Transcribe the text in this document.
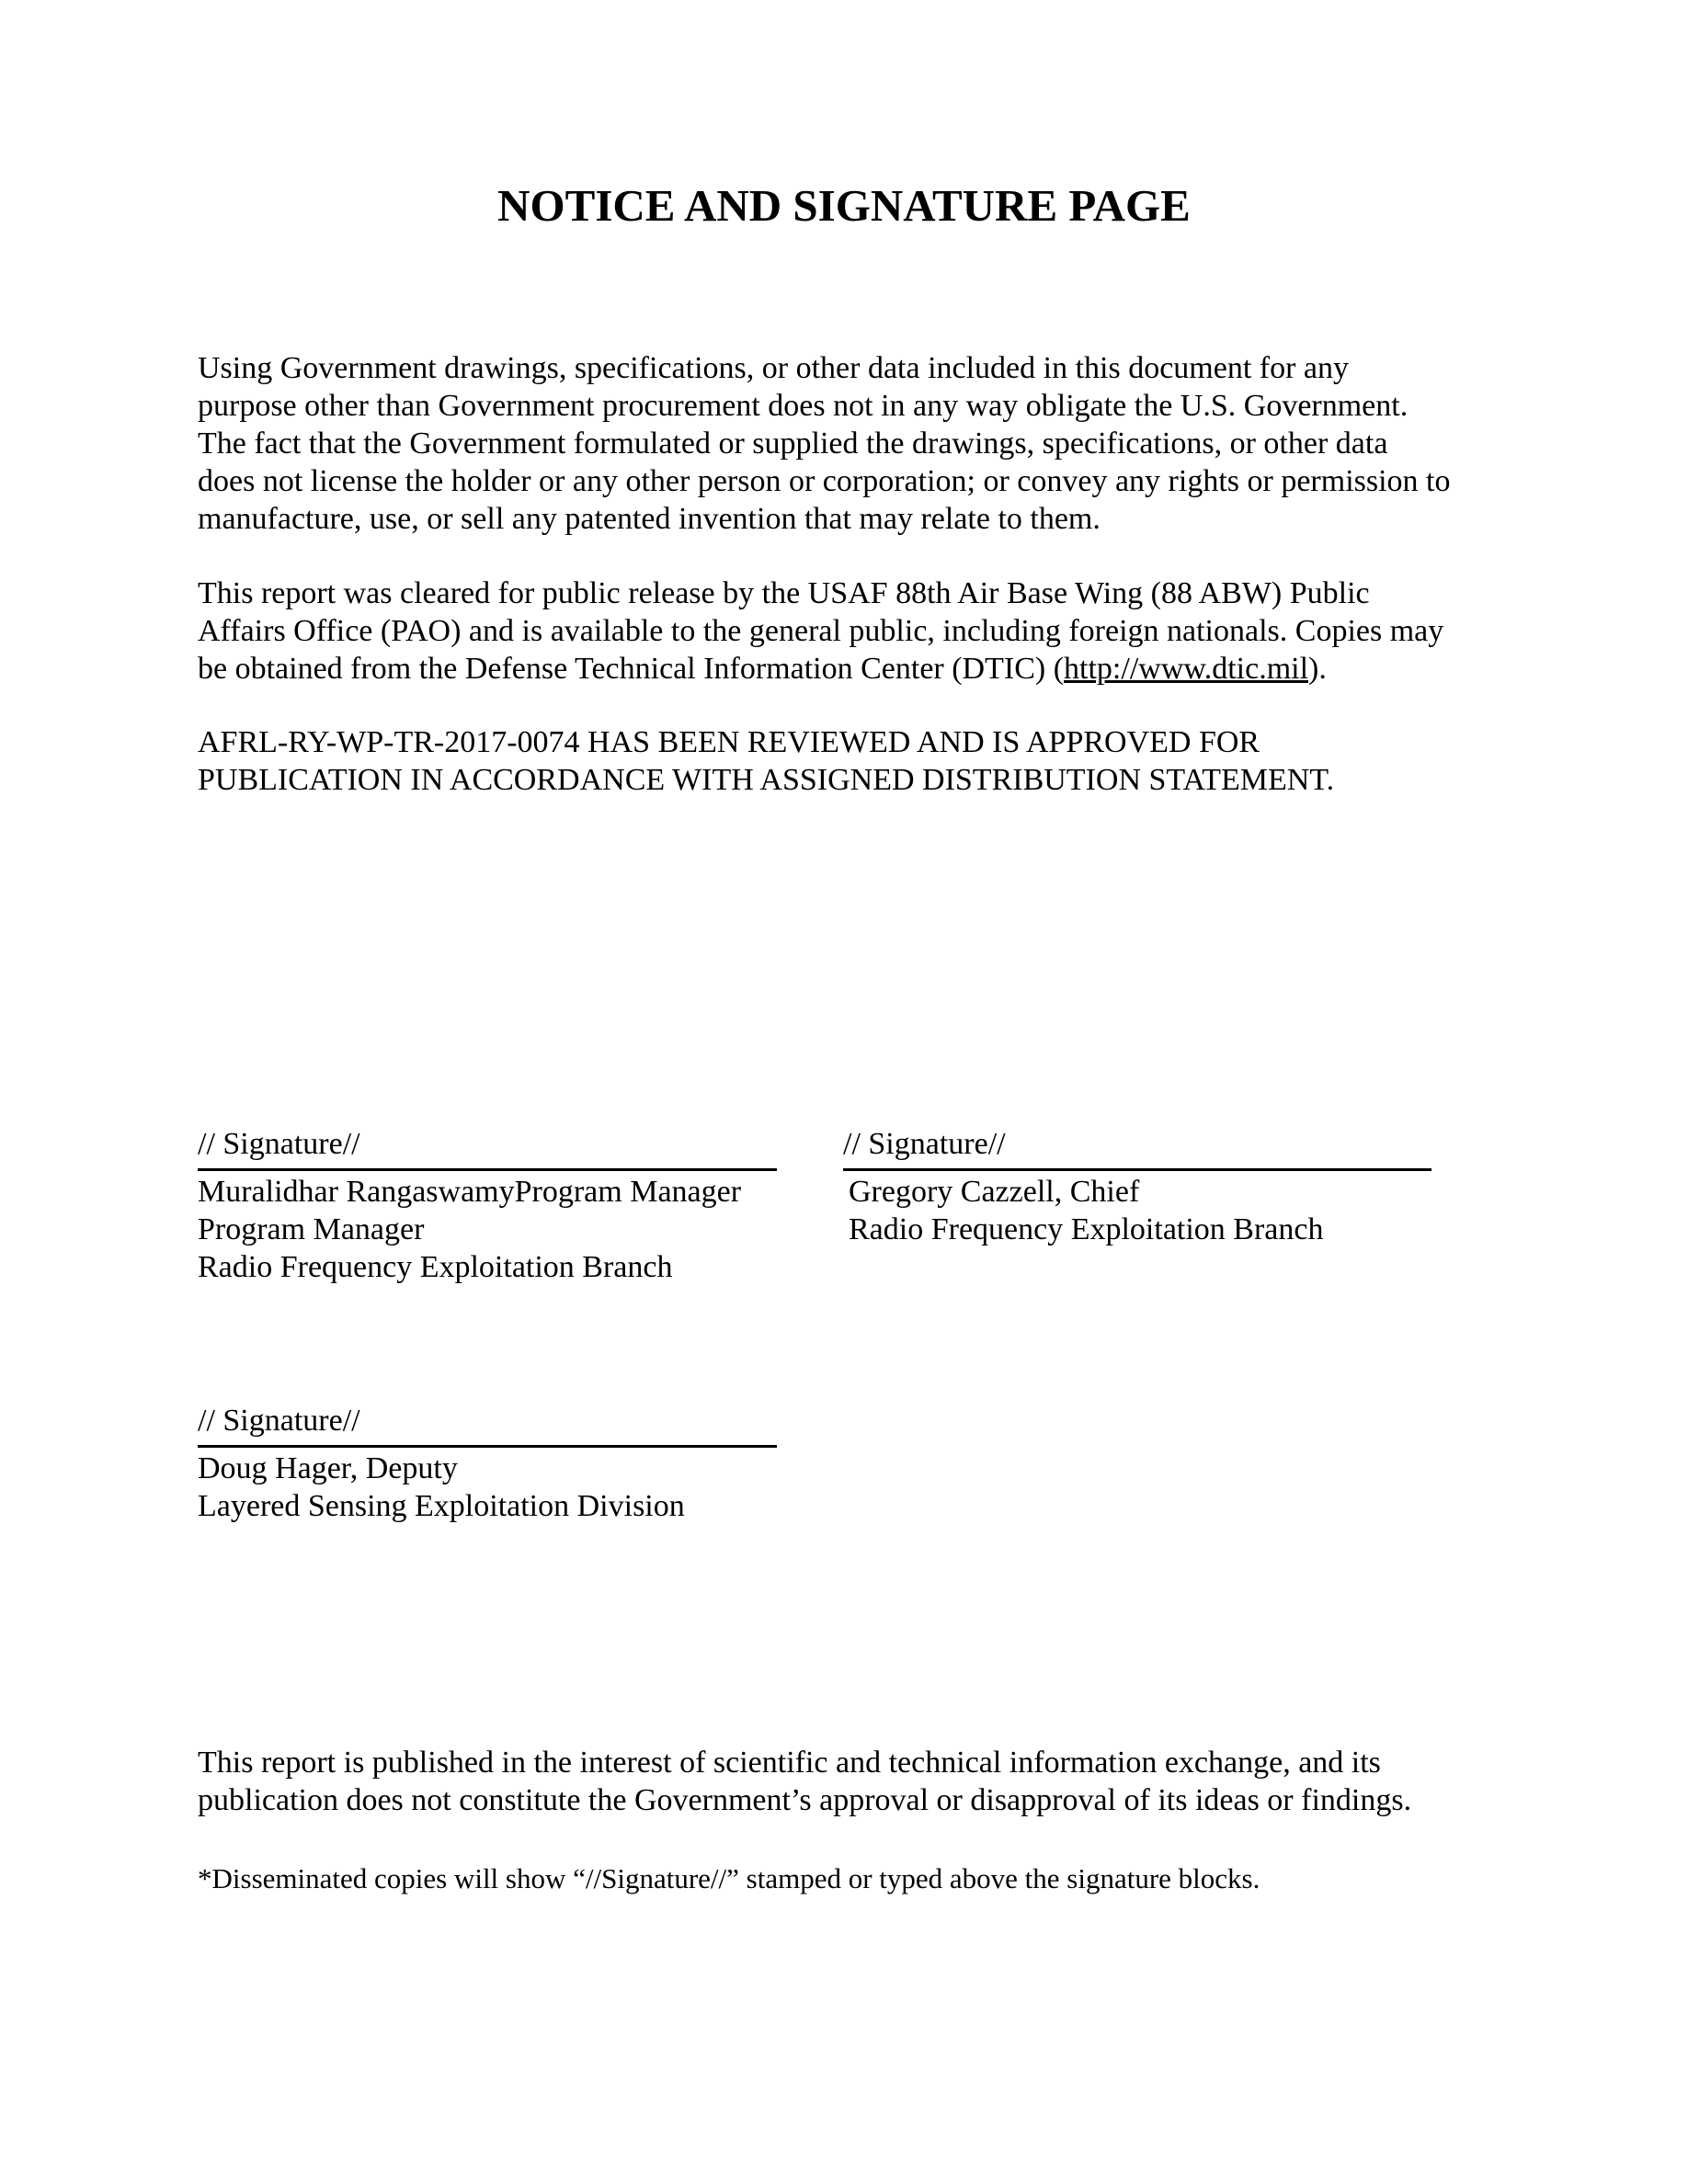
NOTICE AND SIGNATURE PAGE

Using Government drawings, specifications, or other data included in this document for any
purpose other than Government procurement does not in any way obligate the U.S. Government.
The fact that the Government formulated or supplied the drawings, specifications, or other data
does not license the holder or any other person or corporation; or convey any rights or permission to
manufacture, use, or sell any patented invention that may relate to them.

This report was cleared for public release by the USAF 88th Air Base Wing (88 ABW) Public
Affairs Office (PAO) and is available to the general public, including foreign nationals. Copies may
be obtained from the Defense Technical Information Center (DTIC) (http://www.dtic.mil).

AFRL-RY-WP-TR-2017-0074 HAS BEEN REVIEWED AND IS APPROVED FOR
PUBLICATION IN ACCORDANCE WITH ASSIGNED DISTRIBUTION STATEMENT.

// Signature//
Muralidhar RangaswamyProgram Manager
Program Manager
Radio Frequency Exploitation Branch
// Signature//
Gregory Cazzell, Chief
Radio Frequency Exploitation Branch
// Signature//
Doug Hager, Deputy
Layered Sensing Exploitation Division

This report is published in the interest of scientific and technical information exchange, and its
publication does not constitute the Government’s approval or disapproval of its ideas or findings.

*Disseminated copies will show “//Signature//” stamped or typed above the signature blocks.
